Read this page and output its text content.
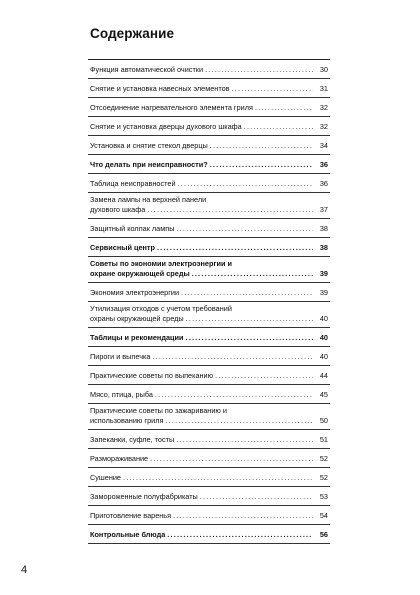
Содержание
Функция автоматической очистки .....	30
Снятие и установка навесных элементов .....	31
Отсоединение нагревательного элемента гриля .....	32
Снятие и установка дверцы духового шкафа .....	32
Установка и снятие стекол дверцы .....	34
Что делать при неисправности? .....	36
Таблица неисправностей .....	36
Замена лампы на верхней панели
духового шкафа .....	37
Защитный колпак лампы .....	38
Сервисный центр .....	38
Советы по экономии электроэнергии и
охране окружающей среды .....	39
Экономия электроэнергии .....	39
Утилизация отходов с учетом требований
охраны окружающей среды .....	40
Таблицы и рекомендации .....	40
Пироги и выпечка .....	40
Практические советы по выпеканию .....	44
Мясо, птица, рыба .....	45
Практические советы по зажариванию и
использованию гриля .....	50
Запеканки, суфле, тосты .....	51
Размораживание .....	52
Сушение .....	52
Замороженные полуфабрикаты .....	53
Приготовление варенья .....	54
Контрольные блюда .....	56
4
